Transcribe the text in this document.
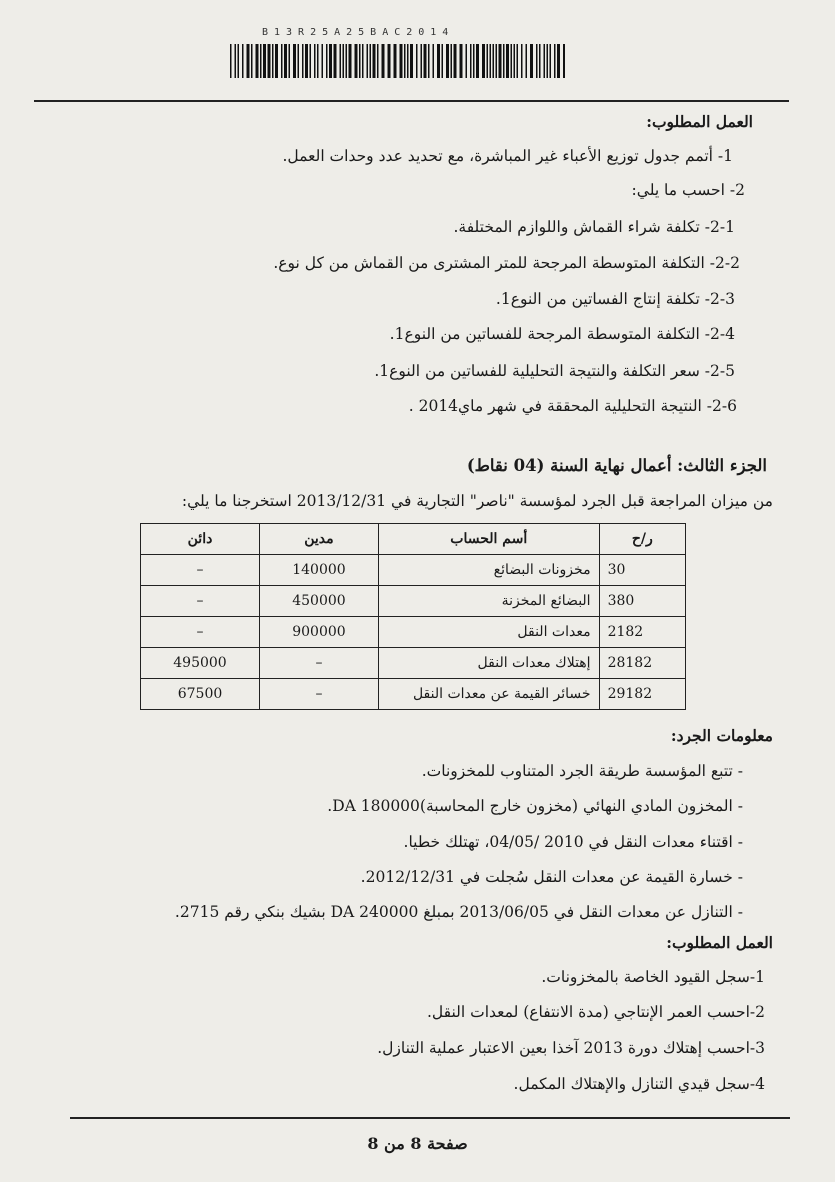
B13R25A25BAC2014
العمل المطلوب:
1- أتمم جدول توزيع الأعباء غير المباشرة، مع تحديد عدد وحدات العمل.
2- احسب ما يلي:
2-1- تكلفة شراء القماش واللوازم المختلفة.
2-2- التكلفة المتوسطة المرجحة للمتر المشترى من القماش من كل نوع.
2-3- تكلفة إنتاج الفساتين من النوع1.
2-4- التكلفة المتوسطة المرجحة للفساتين من النوع1.
2-5- سعر التكلفة والنتيجة التحليلية للفساتين من النوع1.
2-6- النتيجة التحليلية المحققة في شهر ماي2014 .
الجزء الثالث: أعمال نهاية السنة (04 نقاط)
من ميزان المراجعة قبل الجرد لمؤسسة "ناصر" التجارية في 2013/12/31 استخرجنا ما يلي:
ر/ح	أسم الحساب	مدين	دائن
30	مخزونات البضائع	140000	–
380	البضائع المخزنة	450000	–
2182	معدات النقل	900000	–
28182	إهتلاك معدات النقل	–	495000
29182	خسائر القيمة عن معدات النقل	–	67500
معلومات الجرد:
- تتبع المؤسسة طريقة الجرد المتناوب للمخزونات.
- المخزون المادي النهائي (مخزون خارج المحاسبة)DA 180000.
- اقتناء معدات النقل في 2010 /04/05، تهتلك خطيا.
- خسارة القيمة عن معدات النقل سُجلت في 2012/12/31.
- التنازل عن معدات النقل في 2013/06/05 بمبلغ 240000 DA بشيك بنكي رقم 2715.
العمل المطلوب:
1-سجل القيود الخاصة بالمخزونات.
2-احسب العمر الإنتاجي (مدة الانتفاع) لمعدات النقل.
3-احسب إهتلاك دورة 2013 آخذا بعين الاعتبار عملية التنازل.
4-سجل قيدي التنازل والإهتلاك المكمل.
صفحة 8 من 8
